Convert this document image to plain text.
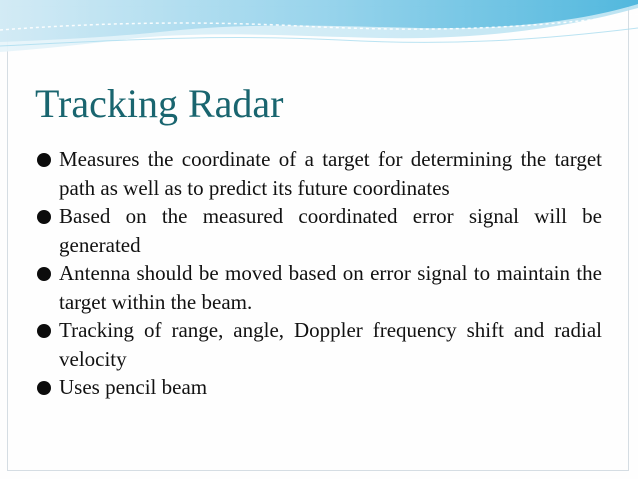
Tracking Radar
Measures the coordinate of a target for determining the target path as well as to predict its future coordinates
Based on the measured coordinated error signal will be generated
Antenna should be moved based on error signal to maintain the target within the beam.
Tracking of range, angle, Doppler frequency shift and radial velocity
Uses pencil beam
